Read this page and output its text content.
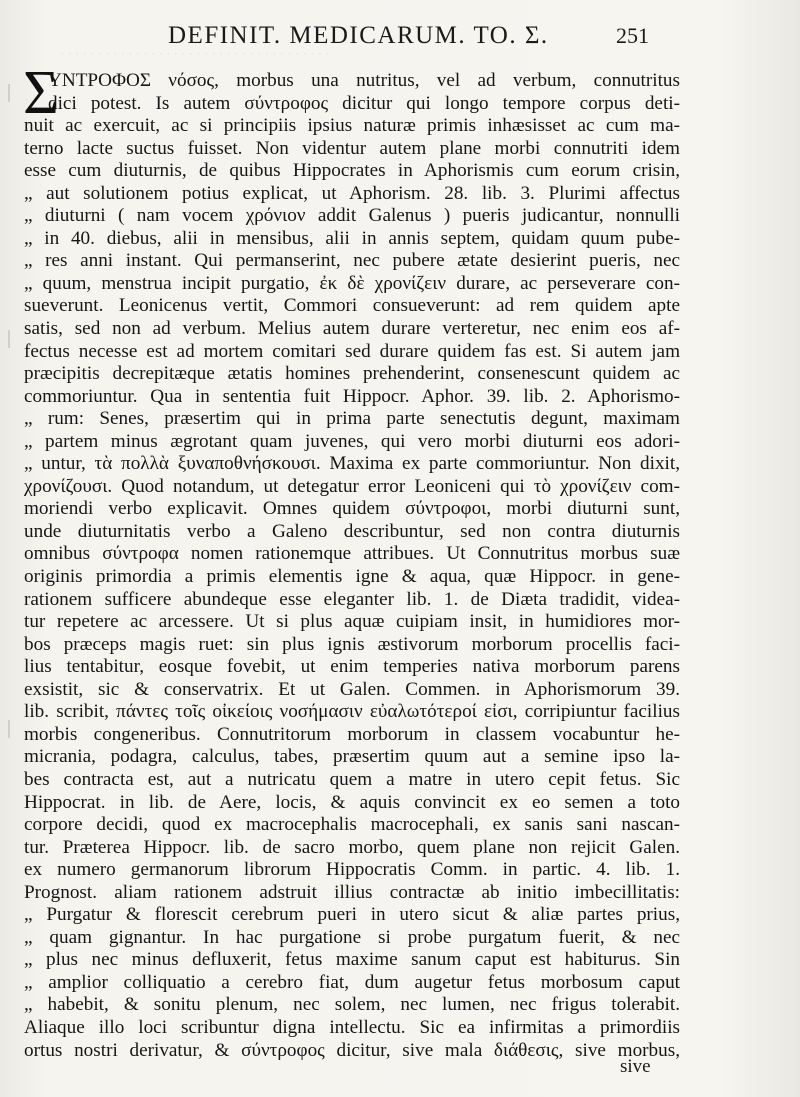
· · · · · · · · · · · · · · · · · · · · · · · · · · · · · · · · · · · ·
DEFINIT. MEDICARUM. TO. Σ.	251
Σ
ΥΝΤΡΟΦΟΣ νόσος, morbus una nutritus, vel ad verbum, connutritus
dici potest. Is autem σύντροφος dicitur qui longo tempore corpus deti-
nuit ac exercuit, ac si principiis ipsius naturæ primis inhæsisset ac cum ma-
terno lacte suctus fuisset. Non videntur autem plane morbi connutriti idem
esse cum diuturnis, de quibus Hippocrates in Aphorismis cum eorum crisin,
„ aut solutionem potius explicat, ut Aphorism. 28. lib. 3. Plurimi affectus
„ diuturni ( nam vocem χρόνιον addit Galenus ) pueris judicantur, nonnulli
„ in 40. diebus, alii in mensibus, alii in annis septem, quidam quum pube-
„ res anni instant. Qui permanserint, nec pubere ætate desierint pueris, nec
„ quum, menstrua incipit purgatio, ἐκ δὲ χρονίζειν durare, ac perseverare con-
sueverunt. Leonicenus vertit, Commori consueverunt: ad rem quidem apte
satis, sed non ad verbum. Melius autem durare verteretur, nec enim eos af-
fectus necesse est ad mortem comitari sed durare quidem fas est. Si autem jam
præcipitis decrepitæque ætatis homines prehenderint, consenescunt quidem ac
commoriuntur. Qua in sententia fuit Hippocr. Aphor. 39. lib. 2. Aphorismo-
„ rum: Senes, præsertim qui in prima parte senectutis degunt, maximam
„ partem minus ægrotant quam juvenes, qui vero morbi diuturni eos adori-
„ untur, τὰ πολλὰ ξυναποθνήσκουσι. Maxima ex parte commoriuntur. Non dixit,
χρονίζουσι. Quod notandum, ut detegatur error Leoniceni qui τὸ χρονίζειν com-
moriendi verbo explicavit. Omnes quidem σύντροφοι, morbi diuturni sunt,
unde diuturnitatis verbo a Galeno describuntur, sed non contra diuturnis
omnibus σύντροφα nomen rationemque attribues. Ut Connutritus morbus suæ
originis primordia a primis elementis igne & aqua, quæ Hippocr. in gene-
rationem sufficere abundeque esse eleganter lib. 1. de Diæta tradidit, videa-
tur repetere ac arcessere. Ut si plus aquæ cuipiam insit, in humidiores mor-
bos præceps magis ruet: sin plus ignis æstivorum morborum procellis faci-
lius tentabitur, eosque fovebit, ut enim temperies nativa morborum parens
exsistit, sic & conservatrix. Et ut Galen. Commen. in Aphorismorum 39.
lib. scribit, πάντες τοῖς οἰκείοις νοσήμασιν εὐαλωτότεροί εἰσι, corripiuntur facilius
morbis congeneribus. Connutritorum morborum in classem vocabuntur he-
micrania, podagra, calculus, tabes, præsertim quum aut a semine ipso la-
bes contracta est, aut a nutricatu quem a matre in utero cepit fetus. Sic
Hippocrat. in lib. de Aere, locis, & aquis convincit ex eo semen a toto
corpore decidi, quod ex macrocephalis macrocephali, ex sanis sani nascan-
tur. Præterea Hippocr. lib. de sacro morbo, quem plane non rejicit Galen.
ex numero germanorum librorum Hippocratis Comm. in partic. 4. lib. 1.
Prognost. aliam rationem adstruit illius contractæ ab initio imbecillitatis:
„ Purgatur & florescit cerebrum pueri in utero sicut & aliæ partes prius,
„ quam gignantur. In hac purgatione si probe purgatum fuerit, & nec
„ plus nec minus defluxerit, fetus maxime sanum caput est habiturus. Sin
„ amplior colliquatio a cerebro fiat, dum augetur fetus morbosum caput
„ habebit, & sonitu plenum, nec solem, nec lumen, nec frigus tolerabit.
Aliaque illo loci scribuntur digna intellectu. Sic ea infirmitas a primordiis
ortus nostri derivatur, & σύντροφος dicitur, sive mala διάθεσις, sive morbus,
sive
